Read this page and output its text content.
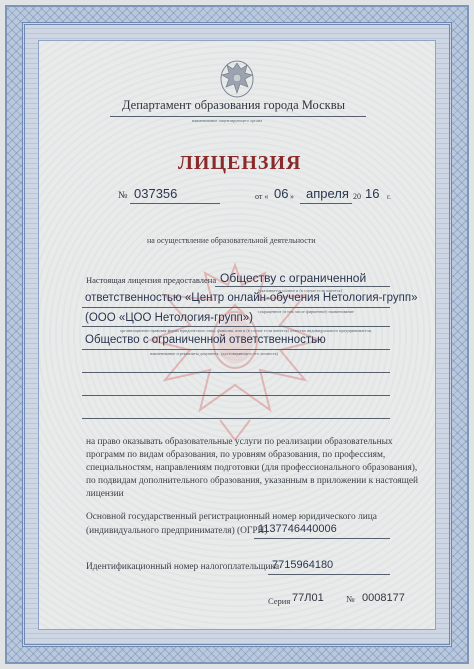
Департамент образования города Москвы
наименование лицензирующего органа
ЛИЦЕНЗИЯ
№ 037356	от « 06 » апреля 20 16 г.
на осуществление образовательной деятельности
Настоящая лицензия предоставлена Обществу с ограниченной
(указывается полное и (в случае если имеется)
ответственностью «Центр онлайн-обучения Нетология-групп»
сокращенное (в том числе фирменное) наименование
(ООО «ЦОО Нетология-групп»)
организационно-правовая форма юридического лица, фамилия, имя и (в случае если имеется) отчество индивидуального предпринимателя,
Общество с ограниченной ответственностью
наименование и реквизиты документа, удостоверяющего его личность)
на право оказывать образовательные услуги по реализации образовательных
программ по видам образования, по уровням образования, по профессиям,
специальностям, направлениям подготовки (для профессионального образования),
по подвидам дополнительного образования, указанным в приложении к настоящей
лицензии
Основной государственный регистрационный номер юридического лица
(индивидуального предпринимателя) (ОГРН)
1137746440006
Идентификационный номер налогоплательщика
7715964180
Серия 77Л01 № 0008177
